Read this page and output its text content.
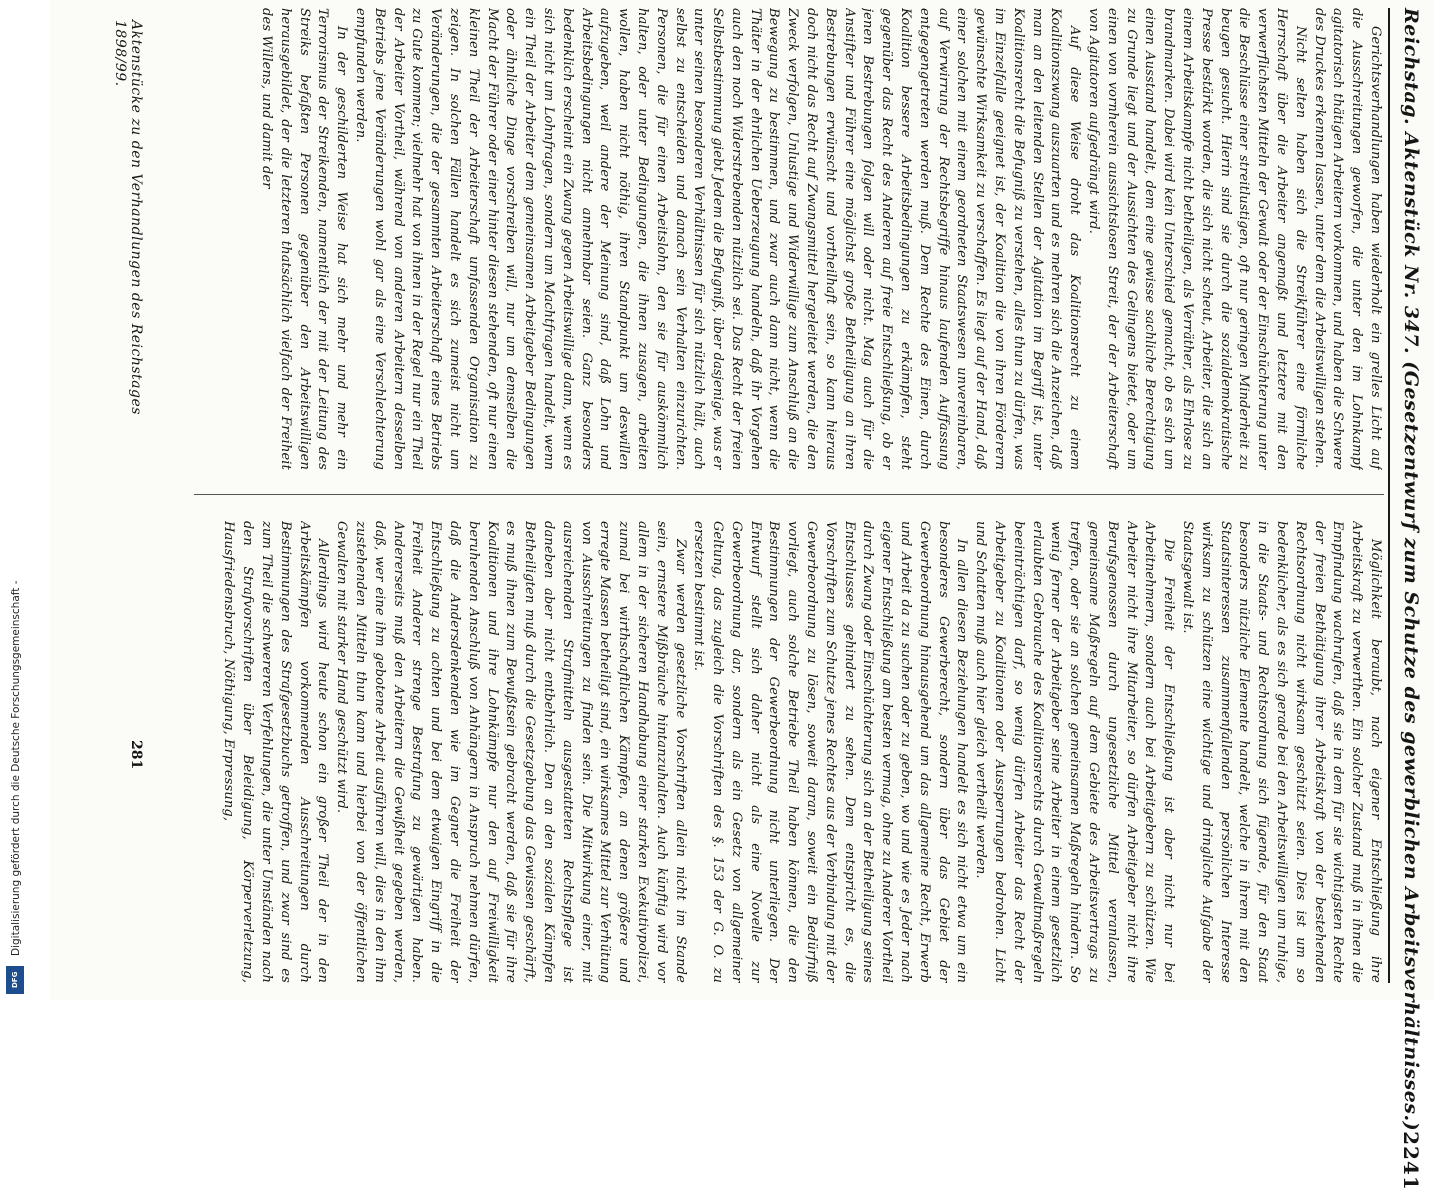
Digitalisierung gefördert durch die Deutsche Forschungsgemeinschaft -
DFG	Reichstag. Aktenstück Nr. 347. (Gesetzentwurf zum Schutze des gewerblichen Arbeitsverhältnisses.)
2241

Gerichtsverhandlungen haben wiederholt ein grelles Licht auf die Ausschreitungen geworfen, die unter den im Lohnkampf agitatorisch thätigen Arbeitern vorkommen, und haben die Schwere des Druckes erkennen lassen, unter dem die Arbeitswilligen stehen.

Nicht selten haben sich die Streikführer eine förmliche Herrschaft über die Arbeiter angemaßt und letztere mit den verwerflichsten Mitteln der Gewalt oder der Einschüchterung unter die Beschlüsse einer streitlustigen, oft nur geringen Minderheit zu beugen gesucht. Hierin sind sie durch die sozialdemokratische Presse bestärkt worden, die sich nicht scheut, Arbeiter, die sich an einem Arbeitskampfe nicht betheiligen, als Verräther, als Ehrlose zu brandmarken. Dabei wird kein Unterschied gemacht, ob es sich um einen Ausstand handelt, dem eine gewisse sachliche Berechtigung zu Grunde liegt und der Aussichten des Gelingens bietet, oder um einen von vornherein aussichtslosen Streit, der der Arbeiterschaft von Agitatoren aufgedrängt wird.

Auf diese Weise droht das Koalitionsrecht zu einem Koalitionszwang auszuarten und es mehren sich die Anzeichen, daß man an den leitenden Stellen der Agitation im Begriff ist, unter Koalitionsrecht die Befugniß zu verstehen, alles thun zu dürfen, was im Einzelfalle geeignet ist, der Koalition die von ihren Förderern gewünschte Wirksamkeit zu verschaffen. Es liegt auf der Hand, daß einer solchen mit einem geordneten Staatswesen unvereinbaren, auf Verwirrung der Rechtsbegriffe hinaus laufenden Auffassung entgegengetreten werden muß. Dem Rechte des Einen, durch Koalition bessere Arbeitsbedingungen zu erkämpfen, steht gegenüber das Recht des Anderen auf freie Entschließung, ob er jenen Bestrebungen folgen will oder nicht. Mag auch für die Anstifter und Führer eine möglichst große Betheiligung an ihren Bestrebungen erwünscht und vortheilhaft sein, so kann hieraus doch nicht das Recht auf Zwangsmittel hergeleitet werden, die den Zweck verfolgen, Unlustige und Widerwillige zum Anschluß an die Bewegung zu bestimmen, und zwar auch dann nicht, wenn die Thäter in der ehrlichen Ueberzeugung handeln, daß ihr Vorgehen auch den noch Widerstrebenden nützlich sei. Das Recht der freien Selbstbestimmung giebt Jedem die Befugniß, über dasjenige, was er unter seinen besonderen Verhältnissen für sich nützlich hält, auch selbst zu entscheiden und danach sein Verhalten einzurichten. Personen, die für einen Arbeitslohn, den sie für auskömmlich halten, oder unter Bedingungen, die ihnen zusagen, arbeiten wollen, haben nicht nöthig, ihren Standpunkt um deswillen aufzugeben, weil andere der Meinung sind, daß Lohn und Arbeitsbedingungen nicht annehmbar seien. Ganz besonders bedenklich erscheint ein Zwang gegen Arbeitswillige dann, wenn es sich nicht um Lohnfragen, sondern um Machtfragen handelt, wenn ein Theil der Arbeiter dem gemeinsamen Arbeitgeber Bedingungen oder ähnliche Dinge vorschreiben will, nur um demselben die Macht der Führer oder einer hinter diesen stehenden, oft nur einen kleinen Theil der Arbeiterschaft umfassenden Organisation zu zeigen. In solchen Fällen handelt es sich zumeist nicht um Veränderungen, die der gesammten Arbeiterschaft eines Betriebs zu Gute kommen; vielmehr hat von ihnen in der Regel nur ein Theil der Arbeiter Vortheil, während von anderen Arbeitern desselben Betriebs jene Veränderungen wohl gar als eine Verschlechterung empfunden werden.

In der geschilderten Weise hat sich mehr und mehr ein Terrorismus der Streikenden, namentlich der mit der Leitung des Streiks befaßten Personen gegenüber den Arbeitswilligen herausgebildet, der die letzteren thatsächlich vielfach der Freiheit des Willens, und damit der

Möglichkeit beraubt, nach eigener Entschließung ihre Arbeitskraft zu verwerthen. Ein solcher Zustand muß in ihnen die Empfindung wachrufen, daß sie in dem für sie wichtigsten Rechte der freien Bethätigung ihrer Arbeitskraft von der bestehenden Rechtsordnung nicht wirksam geschützt seien. Dies ist um so bedenklicher, als es sich gerade bei den Arbeitswilligen um ruhige, in die Staats- und Rechtsordnung sich fügende, für den Staat besonders nützliche Elemente handelt, welche in ihrem mit den Staatsinteressen zusammenfallenden persönlichen Interesse wirksam zu schützen eine wichtige und dringliche Aufgabe der Staatsgewalt ist.

Die Freiheit der Entschließung ist aber nicht nur bei Arbeitnehmern, sondern auch bei Arbeitgebern zu schützen. Wie Arbeiter nicht ihre Mitarbeiter, so dürfen Arbeitgeber nicht ihre Berufsgenossen durch ungesetzliche Mittel veranlassen, gemeinsame Maßregeln auf dem Gebiete des Arbeitsvertrags zu treffen, oder sie an solchen gemeinsamen Maßregeln hindern. So wenig ferner der Arbeitgeber seine Arbeiter in einem gesetzlich erlaubten Gebrauche des Koalitionsrechts durch Gewaltmaßregeln beeinträchtigen darf, so wenig dürfen Arbeiter das Recht der Arbeitgeber zu Koalitionen oder Aussperrungen bedrohen. Licht und Schatten muß auch hier gleich vertheilt werden.

In allen diesen Beziehungen handelt es sich nicht etwa um ein besonderes Gewerberecht, sondern über das Gebiet der Gewerbeordnung hinausgehend um das allgemeine Recht, Erwerb und Arbeit da zu suchen oder zu geben, wo und wie es Jeder nach eigener Entschließung am besten vermag, ohne zu Anderer Vortheil durch Zwang oder Einschüchterung sich an der Betheiligung seines Entschlusses gehindert zu sehen. Dem entspricht es, die Vorschriften zum Schutze jenes Rechtes aus der Verbindung mit der Gewerbeordnung zu lösen, soweit daran, soweit ein Bedürfniß vorliegt, auch solche Betriebe Theil haben können, die den Bestimmungen der Gewerbeordnung nicht unterliegen. Der Entwurf stellt sich daher nicht als eine Novelle zur Gewerbeordnung dar, sondern als ein Gesetz von allgemeiner Geltung, das zugleich die Vorschriften des §. 153 der G. O. zu ersetzen bestimmt ist.

Zwar werden gesetzliche Vorschriften allein nicht im Stande sein, ernstere Mißbräuche hintanzuhalten. Auch künftig wird vor allem in der sicheren Handhabung einer starken Exekutivpolizei, zumal bei wirthschaftlichen Kämpfen, an denen größere und erregte Massen betheiligt sind, ein wirksames Mittel zur Verhütung von Ausschreitungen zu finden sein. Die Mitwirkung einer, mit ausreichenden Strafmitteln ausgestatteten Rechtspflege ist daneben aber nicht entbehrlich. Den an den sozialen Kämpfen Betheiligten muß durch die Gesetzgebung das Gewissen geschärft, es muß ihnen zum Bewußtsein gebracht werden, daß sie für ihre Koalitionen und ihre Lohnkämpfe nur den auf Freiwilligkeit beruhenden Anschluß von Anhängern in Anspruch nehmen dürfen, daß die Andersdenkenden wie im Gegner die Freiheit der Entschließung zu achten und bei dem etwaigen Eingriff in die Freiheit Anderer strenge Bestrafung zu gewärtigen haben. Andererseits muß den Arbeitern die Gewißheit gegeben werden, daß, wer eine ihm gebotene Arbeit ausführen will, dies in den ihm zustehenden Mitteln thun kann und hierbei von der öffentlichen Gewalten mit starker Hand geschützt wird.

Allerdings wird heute schon ein großer Theil der in den Arbeitskämpfen vorkommenden Ausschreitungen durch Bestimmungen des Strafgesetzbuchs getroffen, und zwar sind es zum Theil die schwereren Verfehlungen, die unter Umständen nach den Strafvorschriften über Beleidigung, Körperverletzung, Hausfriedensbruch, Nöthigung, Erpressung,

Aktenstücke zu den Verhandlungen des Reichstages 1898/99.
281
